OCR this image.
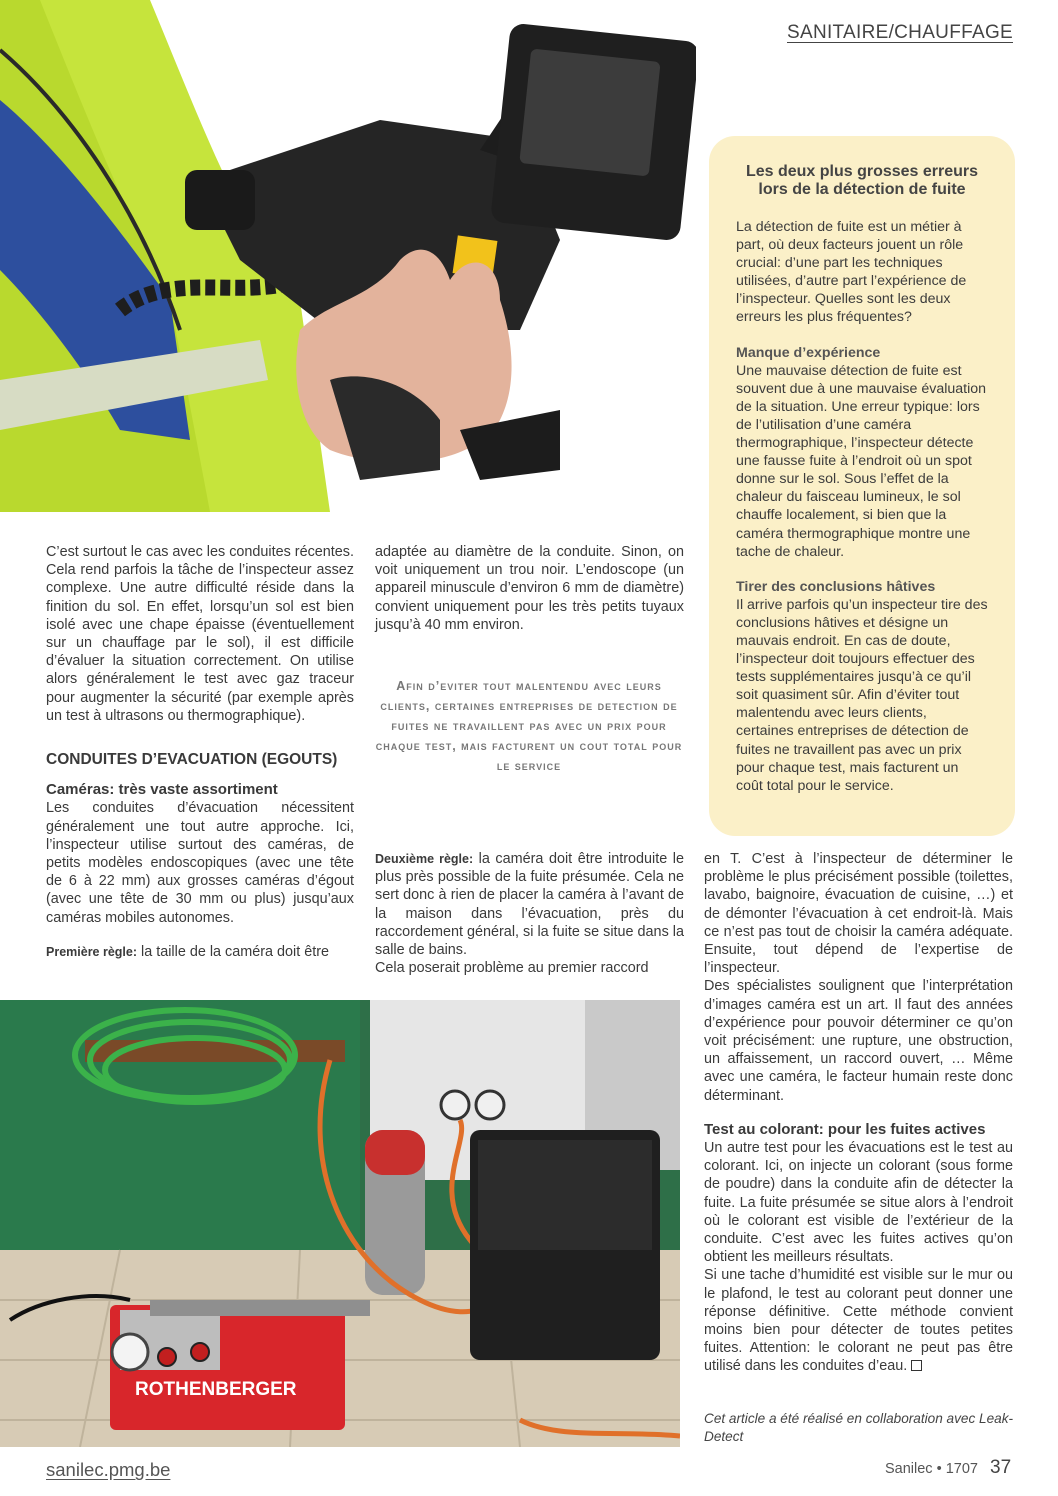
SANITAIRE/CHAUFFAGE

C’est surtout le cas avec les conduites récentes. Cela rend parfois la tâche de l’inspecteur assez complexe. Une autre difficulté réside dans la finition du sol. En effet, lorsqu’un sol est bien isolé avec une chape épaisse (éventuellement sur un chauffage par le sol), il est difficile d’évaluer la situation correctement. On utilise alors généralement le test avec gaz traceur pour augmenter la sécurité (par exemple après un test à ultrasons ou thermographique).

CONDUITES D’EVACUATION (EGOUTS)

Caméras: très vaste assortiment

Les conduites d’évacuation nécessitent généralement une tout autre approche. Ici, l’inspecteur utilise surtout des caméras, de petits modèles endoscopiques (avec une tête de 6 à 22 mm) aux grosses caméras d’égout (avec une tête de 30 mm ou plus) jusqu’aux caméras mobiles autonomes.

Première règle: la taille de la caméra doit être

adaptée au diamètre de la conduite. Sinon, on voit uniquement un trou noir. L’endoscope (un appareil minuscule d’environ 6 mm de diamètre) convient uniquement pour les très petits tuyaux jusqu’à 40 mm environ.

Afin d’eviter tout malentendu avec leurs clients, certaines entreprises de detection de fuites ne travaillent pas avec un prix pour chaque test, mais facturent un cout total pour le service

Deuxième règle: la caméra doit être introduite le plus près possible de la fuite présumée. Cela ne sert donc à rien de placer la caméra à l’avant de la maison dans l’évacuation, près du raccordement général, si la fuite se situe dans la salle de bains.

Cela poserait problème au premier raccord

Les deux plus grosses erreurs lors de la détection de fuite

La détection de fuite est un métier à part, où deux facteurs jouent un rôle crucial: d’une part les techniques utilisées, d’autre part l’expérience de l’inspecteur. Quelles sont les deux erreurs les plus fréquentes?

Manque d’expérience

Une mauvaise détection de fuite est souvent due à une mauvaise évaluation de la situation. Une erreur typique: lors de l’utilisation d’une caméra thermographique, l’inspecteur détecte une fausse fuite à l’endroit où un spot donne sur le sol. Sous l’effet de la chaleur du faisceau lumineux, le sol chauffe localement, si bien que la caméra thermographique montre une tache de chaleur.

Tirer des conclusions hâtives

Il arrive parfois qu’un inspecteur tire des conclusions hâtives et désigne un mauvais endroit. En cas de doute, l’inspecteur doit toujours effectuer des tests supplémentaires jusqu’à ce qu’il soit quasiment sûr. Afin d’éviter tout malentendu avec leurs clients, certaines entreprises de détection de fuites ne travaillent pas avec un prix pour chaque test, mais facturent un coût total pour le service.

en T. C’est à l’inspecteur de déterminer le problème le plus précisément possible (toilettes, lavabo, baignoire, évacuation de cuisine, …) et de démonter l’évacuation à cet endroit-là. Mais ce n’est pas tout de choisir la caméra adéquate. Ensuite, tout dépend de l’expertise de l’inspecteur.

Des spécialistes soulignent que l’interprétation d’images caméra est un art. Il faut des années d’expérience pour pouvoir déterminer ce qu’on voit précisément: une rupture, une obstruction, un affaissement, un raccord ouvert, … Même avec une caméra, le facteur humain reste donc déterminant.

Test au colorant: pour les fuites actives

Un autre test pour les évacuations est le test au colorant. Ici, on injecte un colorant (sous forme de poudre) dans la conduite afin de détecter la fuite. La fuite présumée se situe alors à l’endroit où le colorant est visible de l’extérieur de la conduite. C’est avec les fuites actives qu’on obtient les meilleurs résultats.

Si une tache d’humidité est visible sur le mur ou le plafond, le test au colorant peut donner une réponse définitive. Cette méthode convient moins bien pour détecter de toutes petites fuites. Attention: le colorant ne peut pas être utilisé dans les conduites d’eau.

ROTHENBERGER
Cet article a été réalisé en collaboration avec Leak-Detect
sanilec.pmg.be	Sanilec • 1707 37
